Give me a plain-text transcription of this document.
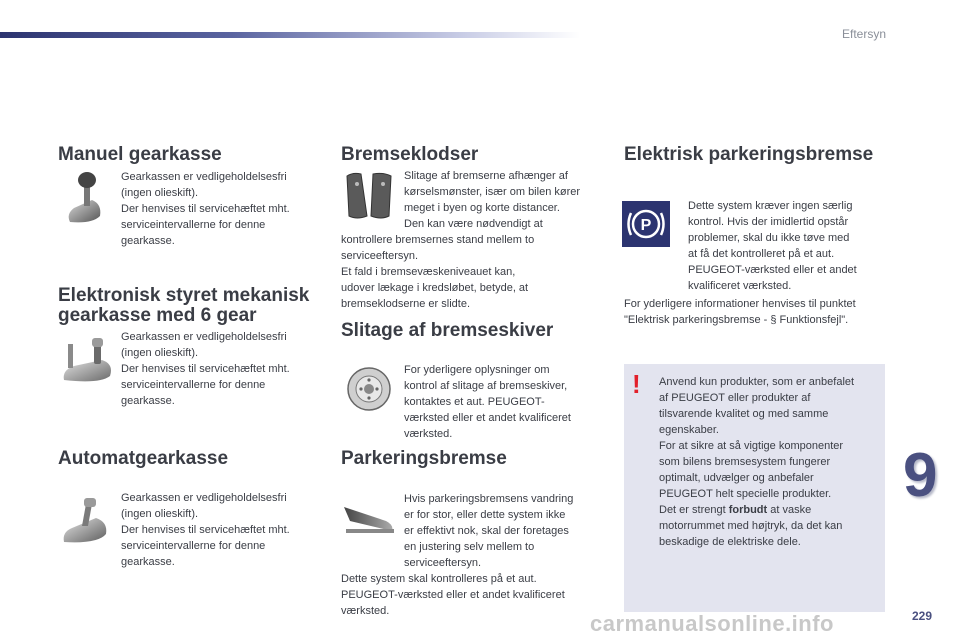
Eftersyn
Manuel gearkasse

Gearkassen er vedligeholdelsesfri
(ingen olieskift).
Der henvises til servicehæftet mht.
serviceintervallerne for denne
gearkasse.

Elektronisk styret mekanisk
gearkasse med 6 gear

Gearkassen er vedligeholdelsesfri
(ingen olieskift).
Der henvises til servicehæftet mht.
serviceintervallerne for denne
gearkasse.

Automatgearkasse

Gearkassen er vedligeholdelsesfri
(ingen olieskift).
Der henvises til servicehæftet mht.
serviceintervallerne for denne
gearkasse.

Bremseklodser

Slitage af bremserne afhænger af
kørselsmønster, især om bilen kører
meget i byen og korte distancer.
Den kan være nødvendigt at

kontrollere bremsernes stand mellem to
serviceeftersyn.
Et fald i bremsevæskeniveauet kan,
udover lækage i kredsløbet, betyde, at
bremseklodserne er slidte.

Slitage af bremseskiver

For yderligere oplysninger om
kontrol af slitage af bremseskiver,
kontaktes et aut. PEUGEOT-
værksted eller et andet kvalificeret
værksted.

Parkeringsbremse

Hvis parkeringsbremsens vandring
er for stor, eller dette system ikke
er effektivt nok, skal der foretages
en justering selv mellem to
serviceeftersyn.

Dette system skal kontrolleres på et aut.
PEUGEOT-værksted eller et andet kvalificeret
værksted.

Elektrisk parkeringsbremse
P

Dette system kræver ingen særlig
kontrol. Hvis der imidlertid opstår
problemer, skal du ikke tøve med
at få det kontrolleret på et aut.
PEUGEOT-værksted eller et andet
kvalificeret værksted.

For yderligere informationer henvises til punktet
"Elektrisk parkeringsbremse - § Funktionsfejl".

! Anvend kun produkter, som er anbefalet
af PEUGEOT eller produkter af
tilsvarende kvalitet og med samme
egenskaber.
For at sikre at så vigtige komponenter
som bilens bremsesystem fungerer
optimalt, udvælger og anbefaler
PEUGEOT helt specielle produkter.
Det er strengt forbudt at vaske
motorrummet med højtryk, da det kan
beskadige de elektriske dele.

9
229
carmanualsonline.info
